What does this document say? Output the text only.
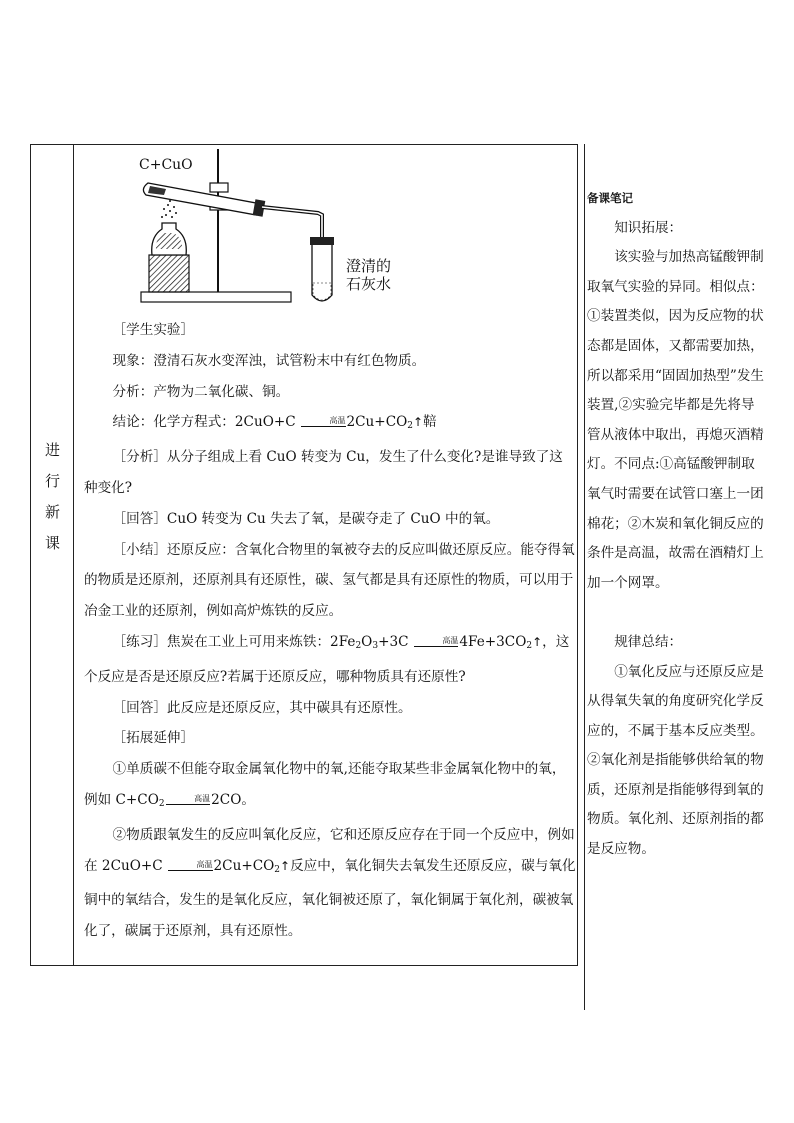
进
行
新
课
C+CuO
澄清的
石灰水

［学生实验］

现象：澄清石灰水变浑浊，试管粉末中有红色物质。

分析：产物为二氧化碳、铜。

结论：化学方程式：2CuO+C	高温$2Cu+CO_2↑$鞛

［分析］从分子组成上看 CuO 转变为 Cu，发生了什么变化?是谁导致了这种变化?

［回答］CuO 转变为 Cu 失去了氧，是碳夺走了 CuO 中的氧。

［小结］还原反应：含氧化合物里的氧被夺去的反应叫做还原反应。能夺得氧的物质是还原剂，还原剂具有还原性，碳、氢气都是具有还原性的物质，可以用于冶金工业的还原剂，例如高炉炼铁的反应。

［练习］焦炭在工业上可用来炼铁：$2Fe_2O_3+3C$	高温$4Fe+3CO_2↑$，这个反应是否是还原反应?若属于还原反应，哪种物质具有还原性?

［回答］此反应是还原反应，其中碳具有还原性。

［拓展延伸］

①单质碳不但能夺取金属氧化物中的氧,还能夺取某些非金属氧化物中的氧，例如 $C+CO_2$高温2CO。

②物质跟氧发生的反应叫氧化反应，它和还原反应存在于同一个反应中，例如在 2CuO+C	高温$2Cu+CO_2↑$反应中，氧化铜失去氧发生还原反应，碳与氧化铜中的氧结合，发生的是氧化反应，氧化铜被还原了，氧化铜属于氧化剂，碳被氧化了，碳属于还原剂，具有还原性。

备课笔记

知识拓展：

该实验与加热高锰酸钾制取氧气实验的异同。相似点：①装置类似，因为反应物的状态都是固体，又都需要加热，所以都采用“固固加热型”发生装置,②实验完毕都是先将导管从液体中取出，再熄灭酒精灯。不同点:①高锰酸钾制取氧气时需要在试管口塞上一团棉花；②木炭和氧化铜反应的条件是高温，故需在酒精灯上加一个网罩。

规律总结：

①氧化反应与还原反应是从得氧失氧的角度研究化学反应的，不属于基本反应类型。②氧化剂是指能够供给氧的物质，还原剂是指能够得到氧的物质。氧化剂、还原剂指的都是反应物。
